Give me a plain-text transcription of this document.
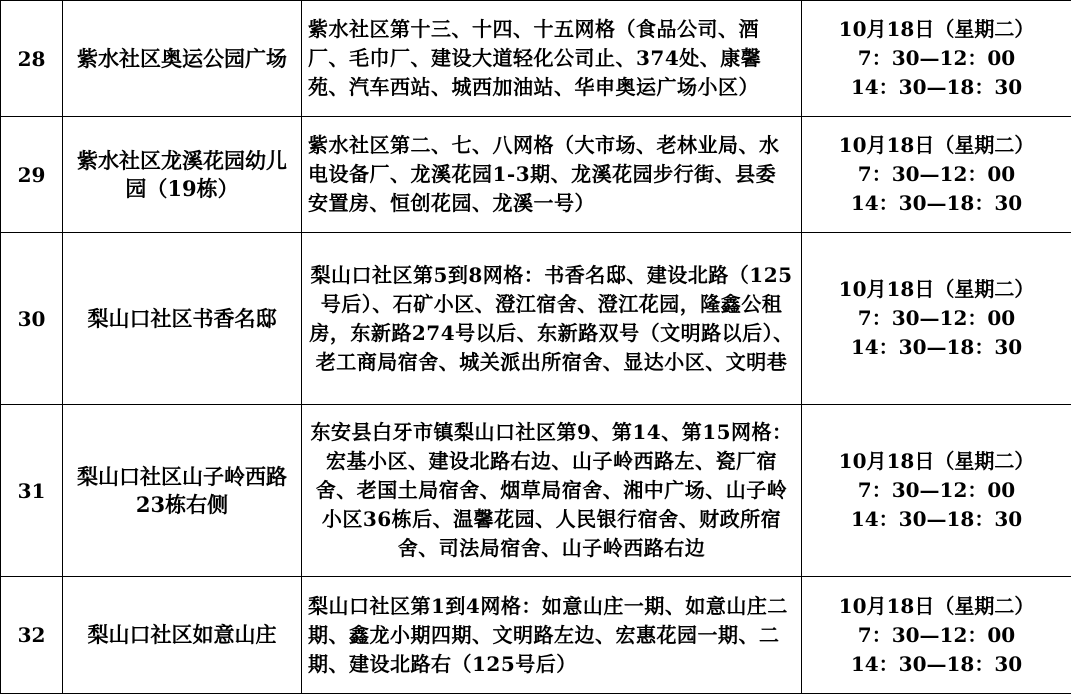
28	紫水社区奥运公园广场	紫水社区第十三、十四、十五网格（食品公司、酒厂、毛巾厂、建设大道轻化公司止、374处、康馨苑、汽车西站、城西加油站、华申奥运广场小区）	10月18日（星期二）
7：30—12：00
14：30—18：30

29	紫水社区龙溪花园幼儿园（19栋）	紫水社区第二、七、八网格（大市场、老林业局、水电设备厂、龙溪花园1-3期、龙溪花园步行街、县委安置房、恒创花园、龙溪一号）	10月18日（星期二）
7：30—12：00
14：30—18：30

30	梨山口社区书香名邸	梨山口社区第5到8网格：书香名邸、建设北路（125号后）、石矿小区、澄江宿舍、澄江花园，隆鑫公租房，东新路274号以后、东新路双号（文明路以后）、老工商局宿舍、城关派出所宿舍、显达小区、文明巷	10月18日（星期二）
7：30—12：00
14：30—18：30

31	梨山口社区山子岭西路23栋右侧	东安县白牙市镇梨山口社区第9、第14、第15网格：宏基小区、建设北路右边、山子岭西路左、瓷厂宿舍、老国土局宿舍、烟草局宿舍、湘中广场、山子岭小区36栋后、温馨花园、人民银行宿舍、财政所宿舍、司法局宿舍、山子岭西路右边	10月18日（星期二）
7：30—12：00
14：30—18：30

32	梨山口社区如意山庄	梨山口社区第1到4网格：如意山庄一期、如意山庄二期、鑫龙小期四期、文明路左边、宏惠花园一期、二期、建设北路右（125号后）	10月18日（星期二）
7：30—12：00
14：30—18：30
